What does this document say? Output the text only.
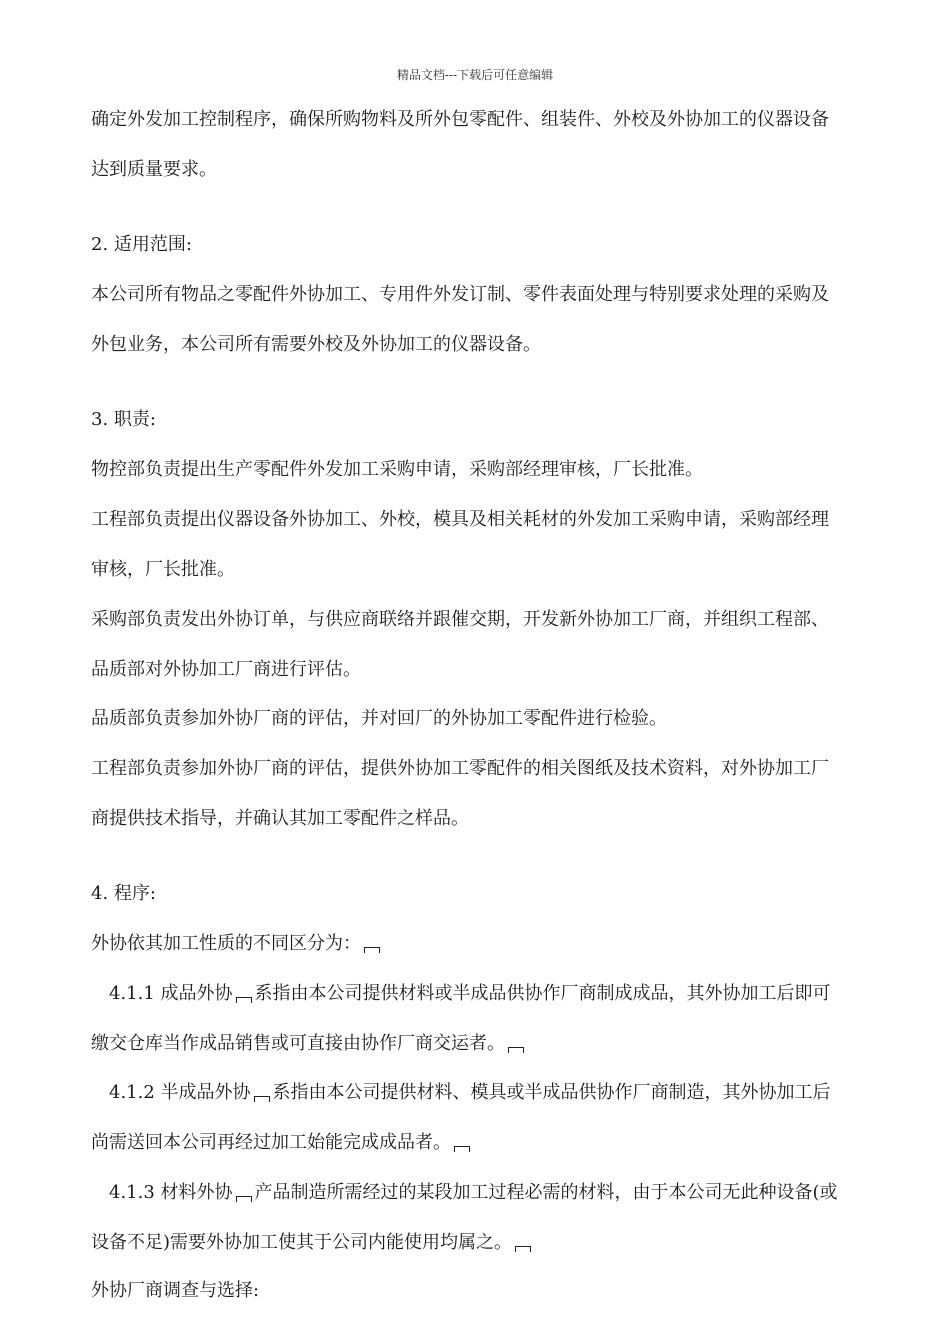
精品文档---下载后可任意编辑
确定外发加工控制程序，确保所购物料及所外包零配件、组装件、外校及外协加工的仪器设备
达到质量要求。
2. 适用范围:
本公司所有物品之零配件外协加工、专用件外发订制、零件表面处理与特别要求处理的采购及
外包业务，本公司所有需要外校及外协加工的仪器设备。
3. 职责:
物控部负责提出生产零配件外发加工采购申请，采购部经理审核，厂长批准。
工程部负责提出仪器设备外协加工、外校，模具及相关耗材的外发加工采购申请，采购部经理
审核，厂长批准。
采购部负责发出外协订单，与供应商联络并跟催交期，开发新外协加工厂商，并组织工程部、
品质部对外协加工厂商进行评估。
品质部负责参加外协厂商的评估，并对回厂的外协加工零配件进行检验。
工程部负责参加外协厂商的评估，提供外协加工零配件的相关图纸及技术资料，对外协加工厂
商提供技术指导，并确认其加工零配件之样品。
4. 程序:
外协依其加工性质的不同区分为：
4.1.1 成品外协 系指由本公司提供材料或半成品供协作厂商制成成品，其外协加工后即可
缴交仓库当作成品销售或可直接由协作厂商交运者。
4.1.2 半成品外协 系指由本公司提供材料、模具或半成品供协作厂商制造，其外协加工后
尚需送回本公司再经过加工始能完成成品者。
4.1.3 材料外协 产品制造所需经过的某段加工过程必需的材料，由于本公司无此种设备(或
设备不足)需要外协加工使其于公司内能使用均属之。
外协厂商调查与选择:
